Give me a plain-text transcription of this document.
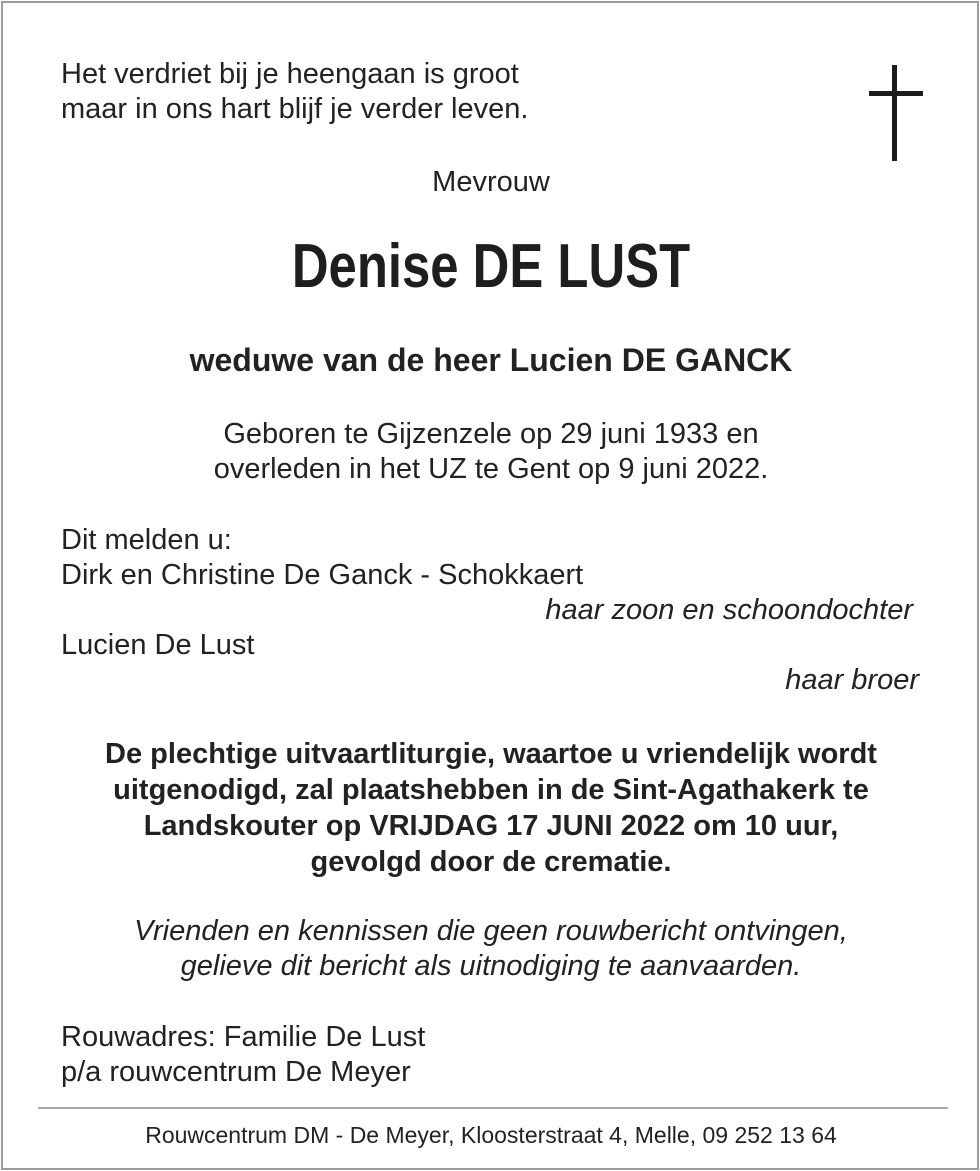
Het verdriet bij je heengaan is groot
maar in ons hart blijf je verder leven.
Mevrouw
Denise DE LUST
weduwe van de heer Lucien DE GANCK
Geboren te Gijzenzele op 29 juni 1933 en
overleden in het UZ te Gent op 9 juni 2022.
Dit melden u:
Dirk en Christine De Ganck - Schokkaert
haar zoon en schoondochter
Lucien De Lust
haar broer
De plechtige uitvaartliturgie, waartoe u vriendelijk wordt
uitgenodigd, zal plaatshebben in de Sint-Agathakerk te
Landskouter op VRIJDAG 17 JUNI 2022 om 10 uur,
gevolgd door de crematie.
Vrienden en kennissen die geen rouwbericht ontvingen,
gelieve dit bericht als uitnodiging te aanvaarden.
Rouwadres: Familie De Lust
p/a rouwcentrum De Meyer
Rouwcentrum DM - De Meyer, Kloosterstraat 4, Melle, 09 252 13 64
